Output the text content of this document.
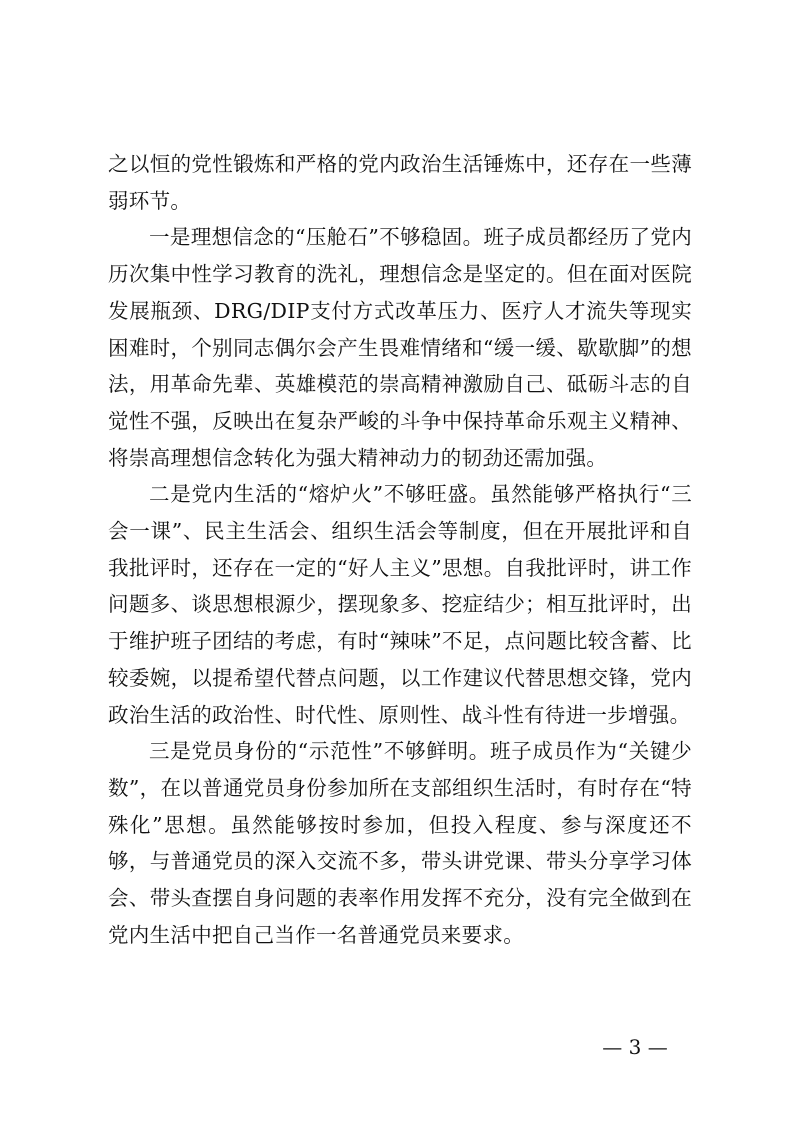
之以恒的党性锻炼和严格的党内政治生活锤炼中，还存在一些薄弱环节。

一是理想信念的“压舱石”不够稳固。班子成员都经历了党内历次集中性学习教育的洗礼，理想信念是坚定的。但在面对医院发展瓶颈、DRG/DIP支付方式改革压力、医疗人才流失等现实困难时，个别同志偶尔会产生畏难情绪和“缓一缓、歇歇脚”的想法，用革命先辈、英雄模范的崇高精神激励自己、砥砺斗志的自觉性不强，反映出在复杂严峻的斗争中保持革命乐观主义精神、将崇高理想信念转化为强大精神动力的韧劲还需加强。

二是党内生活的“熔炉火”不够旺盛。虽然能够严格执行“三会一课”、民主生活会、组织生活会等制度，但在开展批评和自我批评时，还存在一定的“好人主义”思想。自我批评时，讲工作问题多、谈思想根源少，摆现象多、挖症结少；相互批评时，出于维护班子团结的考虑，有时“辣味”不足，点问题比较含蓄、比较委婉，以提希望代替点问题，以工作建议代替思想交锋，党内政治生活的政治性、时代性、原则性、战斗性有待进一步增强。

三是党员身份的“示范性”不够鲜明。班子成员作为“关键少数”，在以普通党员身份参加所在支部组织生活时，有时存在“特殊化”思想。虽然能够按时参加，但投入程度、参与深度还不够，与普通党员的深入交流不多，带头讲党课、带头分享学习体会、带头查摆自身问题的表率作用发挥不充分，没有完全做到在党内生活中把自己当作一名普通党员来要求。

— 3 —
